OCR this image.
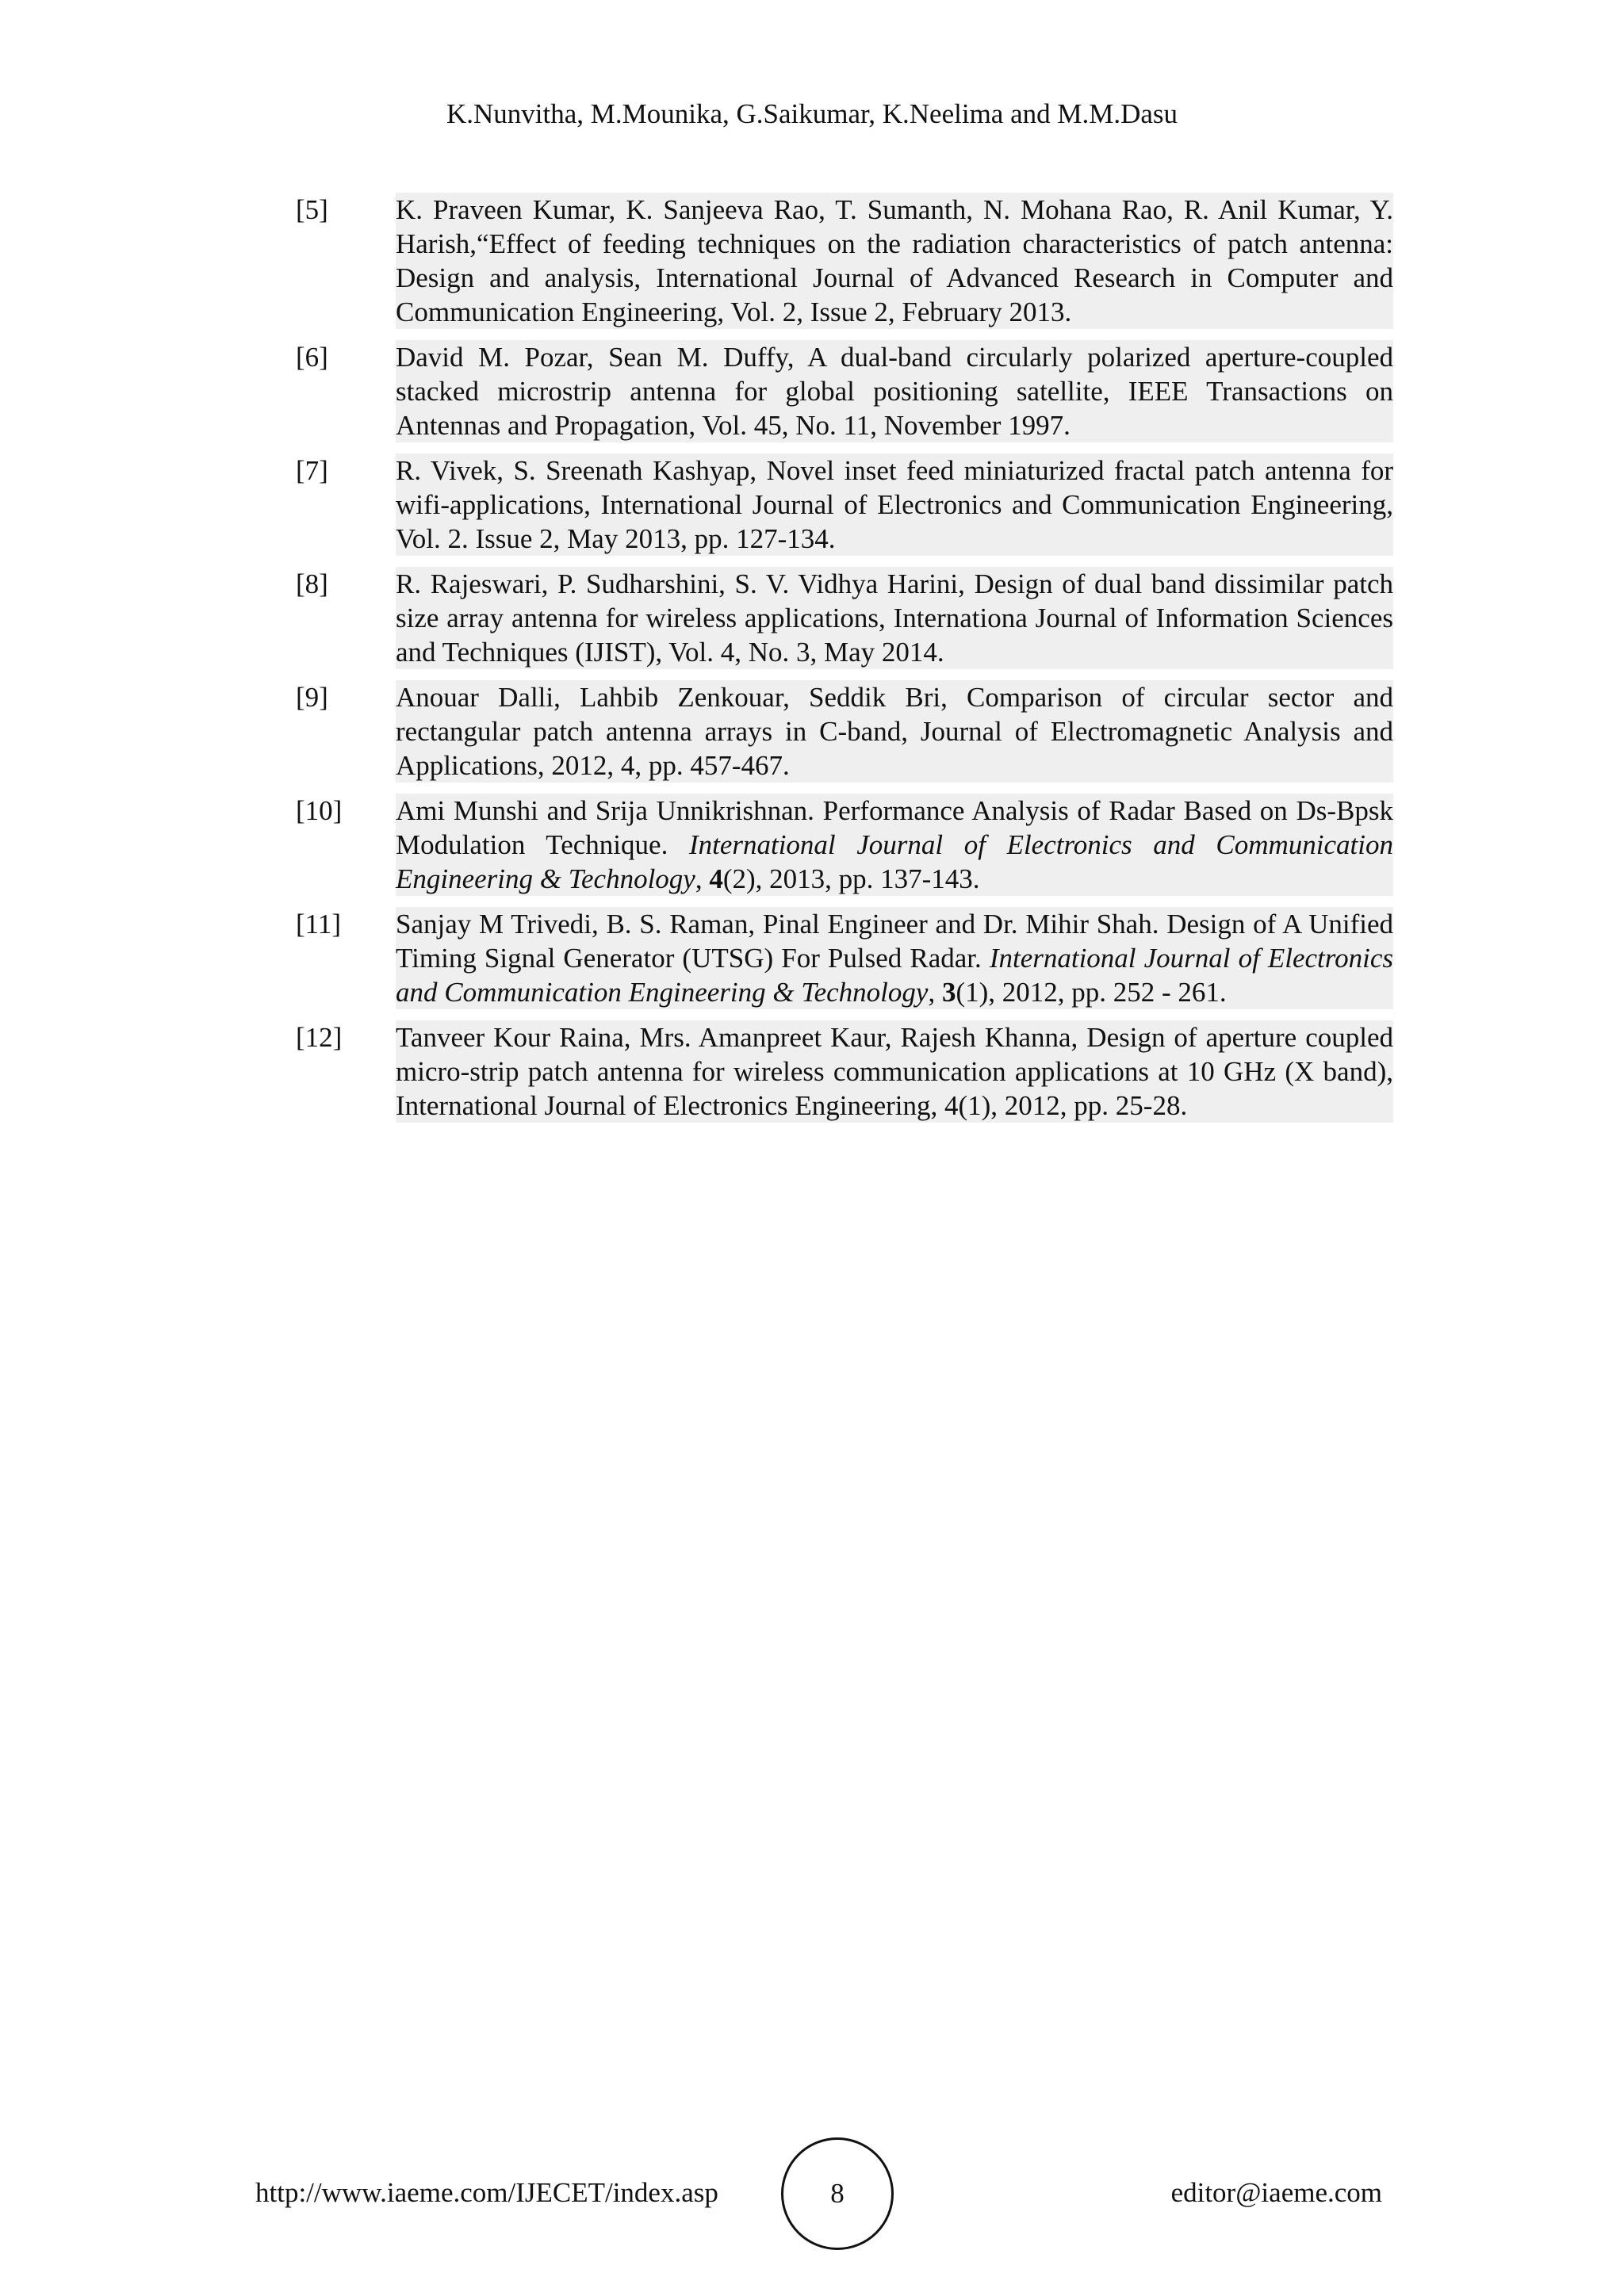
K.Nunvitha, M.Mounika, G.Saikumar, K.Neelima and M.M.Dasu
[5]	K. Praveen Kumar, K. Sanjeeva Rao, T. Sumanth, N. Mohana Rao, R. Anil Kumar, Y. Harish,“Effect of feeding techniques on the radiation characteristics of patch antenna: Design and analysis, International Journal of Advanced Research in Computer and Communication Engineering, Vol. 2, Issue 2, February 2013.
[6]	David M. Pozar, Sean M. Duffy, A dual-band circularly polarized aperture-coupled stacked microstrip antenna for global positioning satellite, IEEE Transactions on Antennas and Propagation, Vol. 45, No. 11, November 1997.
[7]	R. Vivek, S. Sreenath Kashyap, Novel inset feed miniaturized fractal patch antenna for wifi-applications, International Journal of Electronics and Communication Engineering, Vol. 2. Issue 2, May 2013, pp. 127-134.
[8]	R. Rajeswari, P. Sudharshini, S. V. Vidhya Harini, Design of dual band dissimilar patch size array antenna for wireless applications, Internationa Journal of Information Sciences and Techniques (IJIST), Vol. 4, No. 3, May 2014.
[9]	Anouar Dalli, Lahbib Zenkouar, Seddik Bri, Comparison of circular sector and rectangular patch antenna arrays in C-band, Journal of Electromagnetic Analysis and Applications, 2012, 4, pp. 457-467.
[10]	Ami Munshi and Srija Unnikrishnan. Performance Analysis of Radar Based on Ds-Bpsk Modulation Technique. International Journal of Electronics and Communication Engineering & Technology, 4(2), 2013, pp. 137-143.
[11]	Sanjay M Trivedi, B. S. Raman, Pinal Engineer and Dr. Mihir Shah. Design of A Unified Timing Signal Generator (UTSG) For Pulsed Radar. International Journal of Electronics and Communication Engineering & Technology, 3(1), 2012, pp. 252 - 261.
[12]	Tanveer Kour Raina, Mrs. Amanpreet Kaur, Rajesh Khanna, Design of aperture coupled micro-strip patch antenna for wireless communication applications at 10 GHz (X band), International Journal of Electronics Engineering, 4(1), 2012, pp. 25-28.
http://www.iaeme.com/IJECET/index.asp	8	editor@iaeme.com
